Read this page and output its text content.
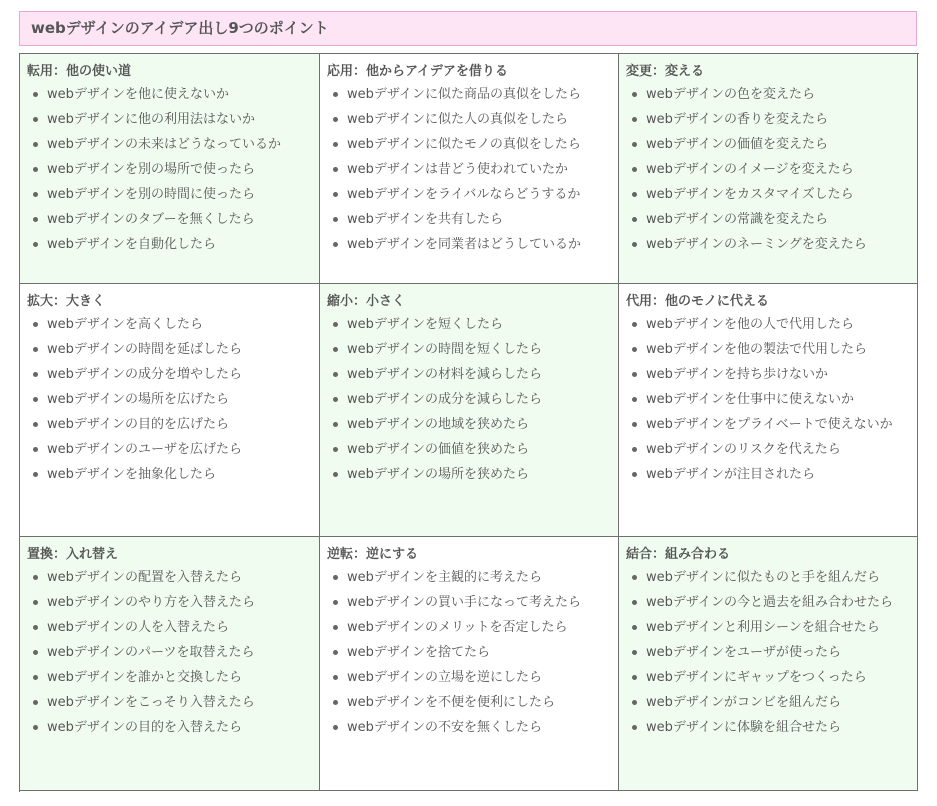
webデザインのアイデア出し9つのポイント
転用：他の使い道
webデザインを他に使えないか
webデザインに他の利用法はないか
webデザインの未来はどうなっているか
webデザインを別の場所で使ったら
webデザインを別の時間に使ったら
webデザインのタブーを無くしたら
webデザインを自動化したら
応用：他からアイデアを借りる
webデザインに似た商品の真似をしたら
webデザインに似た人の真似をしたら
webデザインに似たモノの真似をしたら
webデザインは昔どう使われていたか
webデザインをライバルならどうするか
webデザインを共有したら
webデザインを同業者はどうしているか
変更：変える
webデザインの色を変えたら
webデザインの香りを変えたら
webデザインの価値を変えたら
webデザインのイメージを変えたら
webデザインをカスタマイズしたら
webデザインの常識を変えたら
webデザインのネーミングを変えたら
拡大：大きく
webデザインを高くしたら
webデザインの時間を延ばしたら
webデザインの成分を増やしたら
webデザインの場所を広げたら
webデザインの目的を広げたら
webデザインのユーザを広げたら
webデザインを抽象化したら
縮小：小さく
webデザインを短くしたら
webデザインの時間を短くしたら
webデザインの材料を減らしたら
webデザインの成分を減らしたら
webデザインの地域を狭めたら
webデザインの価値を狭めたら
webデザインの場所を狭めたら
代用：他のモノに代える
webデザインを他の人で代用したら
webデザインを他の製法で代用したら
webデザインを持ち歩けないか
webデザインを仕事中に使えないか
webデザインをプライベートで使えないか
webデザインのリスクを代えたら
webデザインが注目されたら
置換：入れ替え
webデザインの配置を入替えたら
webデザインのやり方を入替えたら
webデザインの人を入替えたら
webデザインのパーツを取替えたら
webデザインを誰かと交換したら
webデザインをこっそり入替えたら
webデザインの目的を入替えたら
逆転：逆にする
webデザインを主観的に考えたら
webデザインの買い手になって考えたら
webデザインのメリットを否定したら
webデザインを捨てたら
webデザインの立場を逆にしたら
webデザインを不便を便利にしたら
webデザインの不安を無くしたら
結合：組み合わる
webデザインに似たものと手を組んだら
webデザインの今と過去を組み合わせたら
webデザインと利用シーンを組合せたら
webデザインをユーザが使ったら
webデザインにギャップをつくったら
webデザインがコンビを組んだら
webデザインに体験を組合せたら
